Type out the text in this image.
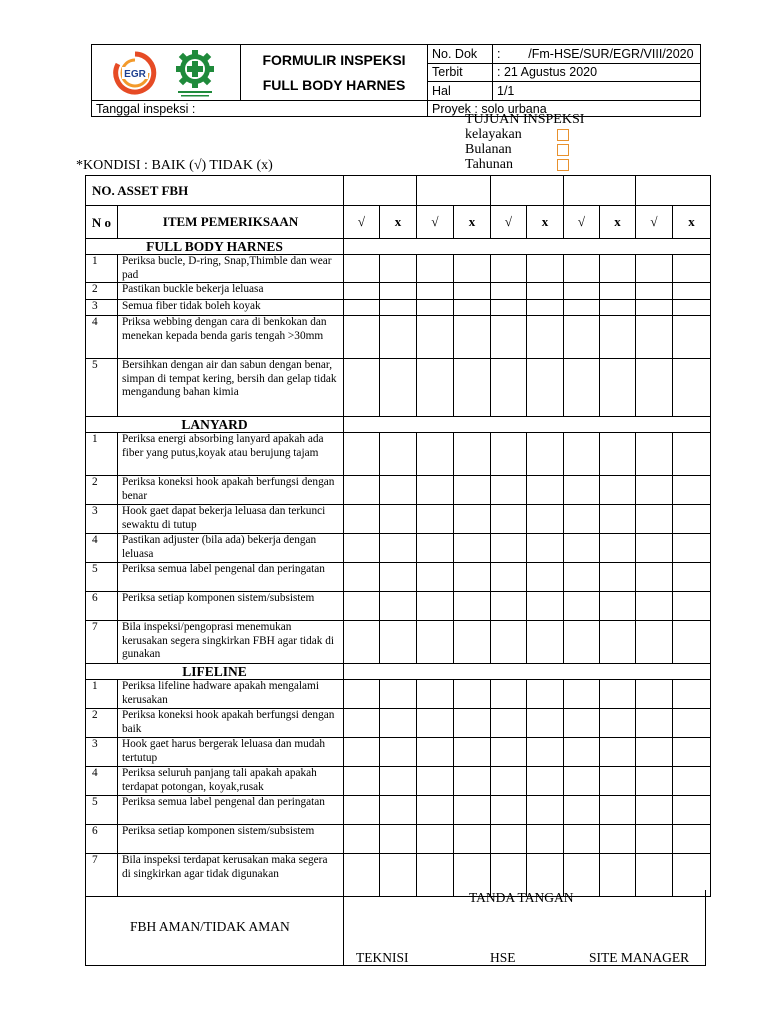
EGR	FORMULIR INSPEKSI
FULL BODY HARNES	No. Dok	:        /Fm-HSE/SUR/EGR/VIII/2020
		Terbit	: 21 Agustus 2020
		Hal	1/1
Tanggal inspeksi :		Proyek : solo urbana	
TUJUAN INSPEKSI
kelayakan
Bulanan
Tahunan
*KONDISI : BAIK (√) TIDAK (x)
NO. ASSET FBH											
N o	ITEM PEMERIKSAAN	√	x	√	x	√	x	√	x	√	x
FULL BODY HARNES											
1	Periksa bucle, D-ring, Snap,Thimble dan wear pad										
2	Pastikan buckle bekerja leluasa										
3	Semua fiber tidak boleh koyak										
4	Priksa webbing dengan cara di benkokan dan menekan kepada benda garis tengah >30mm										
5	Bersihkan dengan air dan sabun dengan benar, simpan di tempat kering, bersih dan gelap tidak mengandung bahan kimia										
LANYARD											
1	Periksa energi absorbing lanyard apakah ada fiber yang putus,koyak atau berujung tajam										
2	Periksa koneksi hook apakah berfungsi dengan benar										
3	Hook gaet dapat bekerja leluasa dan terkunci sewaktu di tutup										
4	Pastikan adjuster (bila ada) bekerja dengan leluasa										
5	Periksa semua label pengenal dan peringatan										
6	Periksa setiap komponen sistem/subsistem										
7	Bila inspeksi/pengoprasi menemukan kerusakan segera singkirkan FBH agar tidak di gunakan										
LIFELINE											
1	Periksa lifeline hadware apakah mengalami kerusakan										
2	Periksa koneksi hook apakah berfungsi dengan baik										
3	Hook gaet harus bergerak leluasa dan mudah tertutup										
4	Periksa seluruh panjang tali apakah apakah terdapat potongan, koyak,rusak										
5	Periksa semua label pengenal dan peringatan										
6	Periksa setiap komponen sistem/subsistem										
7	Bila inspeksi terdapat kerusakan maka segera di singkirkan agar tidak digunakan										
FBH AMAN/TIDAK AMAN
TANDA TANGAN
TEKNISI	HSE	SITE MANAGER
